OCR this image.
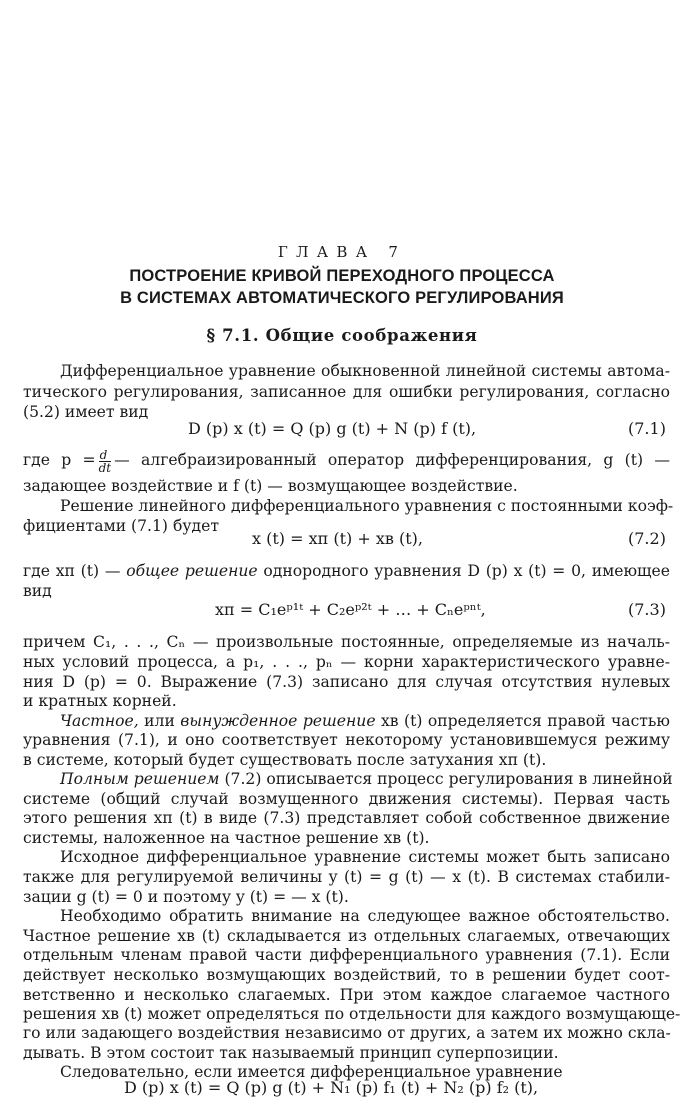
ГЛАВА 7
ПОСТРОЕНИЕ КРИВОЙ ПЕРЕХОДНОГО ПРОЦЕССА
В СИСТЕМАХ АВТОМАТИЧЕСКОГО РЕГУЛИРОВАНИЯ
§ 7.1. Общие соображения
Дифференциальное уравнение обыкновенной линейной системы автома-
тического регулирования, записанное для ошибки регулирования, согласно
(5.2) имеет вид
D (p) x (t) = Q (p) g (t) + N (p) f (t),	(7.1)
где $p = \frac{d}{dt}$ — алгебраизированный оператор дифференцирования, g (t) —
задающее воздействие и f (t) — возмущающее воздействие.
Решение линейного дифференциального уравнения с постоянными коэф-
фициентами (7.1) будет
x (t) = xп (t) + xв (t),	(7.2)
где xп (t) — общее решение однородного уравнения D (p) x (t) = 0, имеющее
вид
xп = C₁eᵖ¹ᵗ + C₂eᵖ²ᵗ + … + Cₙeᵖⁿᵗ,	(7.3)
причем C₁, . . ., Cₙ — произвольные постоянные, определяемые из началь-
ных условий процесса, а p₁, . . ., pₙ — корни характеристического уравне-
ния D (p) = 0. Выражение (7.3) записано для случая отсутствия нулевых
и кратных корней.
Частное, или вынужденное решение xв (t) определяется правой частью
уравнения (7.1), и оно соответствует некоторому установившемуся режиму
в системе, который будет существовать после затухания xп (t).
Полным решением (7.2) описывается процесс регулирования в линейной
системе (общий случай возмущенного движения системы). Первая часть
этого решения xп (t) в виде (7.3) представляет собой собственное движение
системы, наложенное на частное решение xв (t).
Исходное дифференциальное уравнение системы может быть записано
также для регулируемой величины y (t) = g (t) — x (t). В системах стабили-
зации g (t) = 0 и поэтому y (t) = — x (t).
Необходимо обратить внимание на следующее важное обстоятельство.
Частное решение xв (t) складывается из отдельных слагаемых, отвечающих
отдельным членам правой части дифференциального уравнения (7.1). Если
действует несколько возмущающих воздействий, то в решении будет соот-
ветственно и несколько слагаемых. При этом каждое слагаемое частного
решения xв (t) может определяться по отдельности для каждого возмущающе-
го или задающего воздействия независимо от других, а затем их можно скла-
дывать. В этом состоит так называемый принцип суперпозиции.
Следовательно, если имеется дифференциальное уравнение
D (p) x (t) = Q (p) g (t) + N₁ (p) f₁ (t) + N₂ (p) f₂ (t),
